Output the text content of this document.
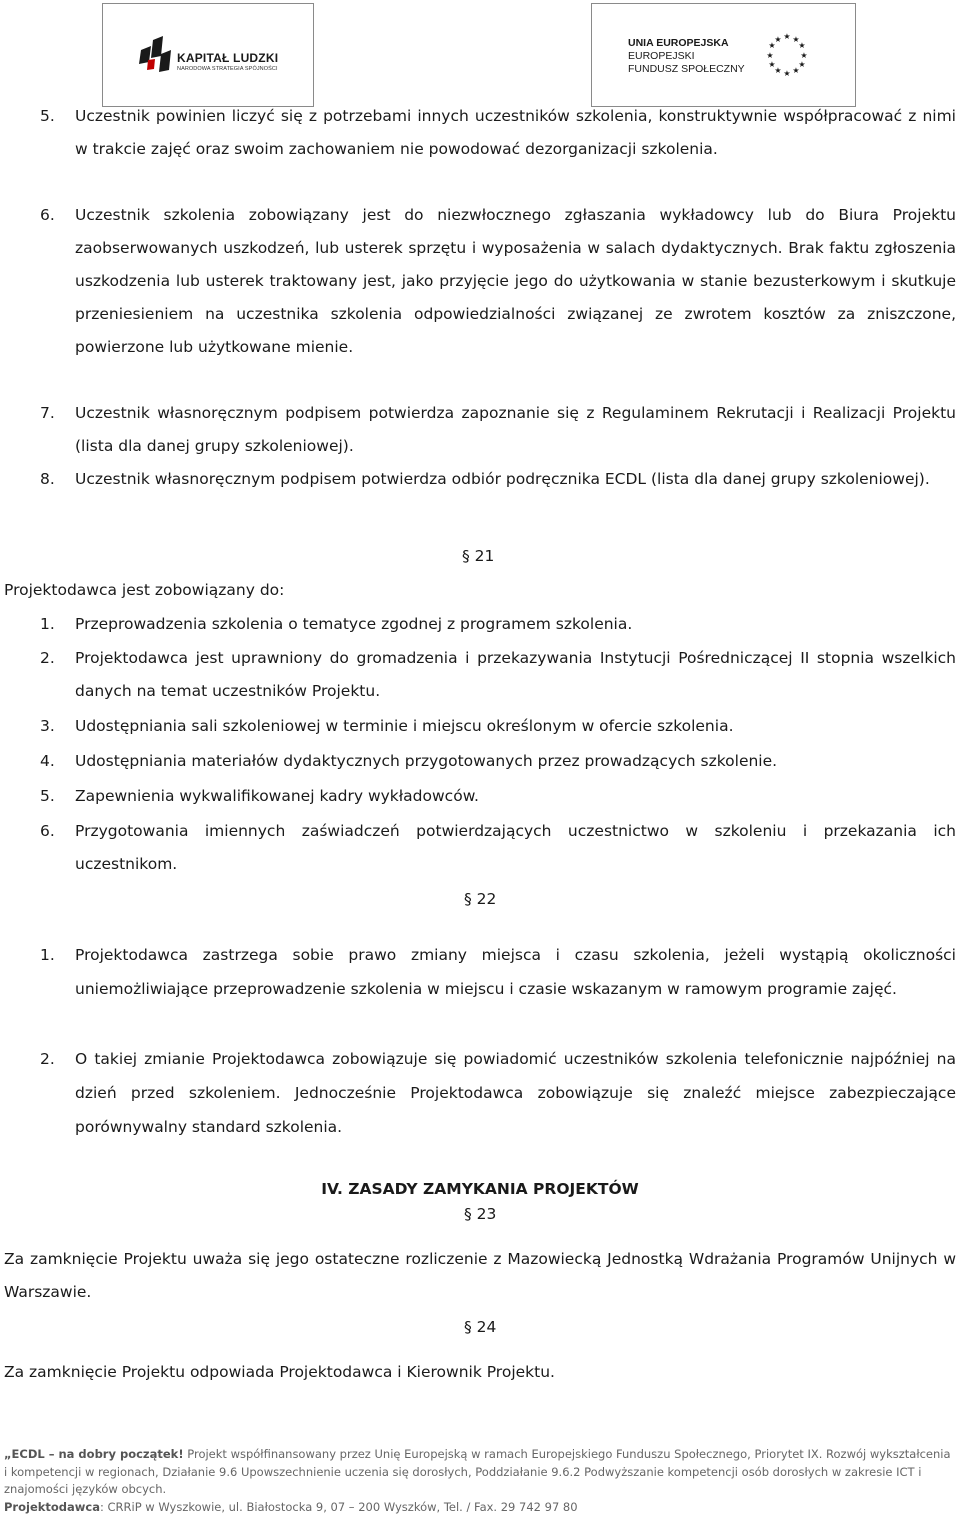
KAPITAŁ LUDZKI
NARODOWA STRATEGIA SPÓJNOŚCI
UNIA EUROPEJSKA
EUROPEJSKI
FUNDUSZ SPOŁECZNY
★ ★
★
★
★
★
★
★
★
★
★
★
5. Uczestnik powinien liczyć się z potrzebami innych uczestników szkolenia, konstruktywnie współpracować z nimi w trakcie zajęć oraz swoim zachowaniem nie powodować dezorganizacji szkolenia.
6. Uczestnik szkolenia zobowiązany jest do niezwłocznego zgłaszania wykładowcy lub do Biura Projektu zaobserwowanych uszkodzeń, lub usterek sprzętu i wyposażenia w salach dydaktycznych. Brak faktu zgłoszenia uszkodzenia lub usterek traktowany jest, jako przyjęcie jego do użytkowania w stanie bezusterkowym i skutkuje przeniesieniem na uczestnika szkolenia odpowiedzialności związanej ze zwrotem kosztów za zniszczone, powierzone lub użytkowane mienie.
7. Uczestnik własnoręcznym podpisem potwierdza zapoznanie się z Regulaminem Rekrutacji i Realizacji Projektu (lista dla danej grupy szkoleniowej).
8. Uczestnik własnoręcznym podpisem potwierdza odbiór podręcznika ECDL (lista dla danej grupy szkoleniowej).
§ 21
Projektodawca jest zobowiązany do:
1. Przeprowadzenia szkolenia o tematyce zgodnej z programem szkolenia.
2. Projektodawca jest uprawniony do gromadzenia i przekazywania Instytucji Pośredniczącej II stopnia wszelkich danych na temat uczestników Projektu.
3. Udostępniania sali szkoleniowej w terminie i miejscu określonym w ofercie szkolenia.
4. Udostępniania materiałów dydaktycznych przygotowanych przez prowadzących szkolenie.
5. Zapewnienia wykwalifikowanej kadry wykładowców.
6. Przygotowania imiennych zaświadczeń potwierdzających uczestnictwo w szkoleniu i przekazania ich uczestnikom.
§ 22
1. Projektodawca zastrzega sobie prawo zmiany miejsca i czasu szkolenia, jeżeli wystąpią okoliczności uniemożliwiające przeprowadzenie szkolenia w miejscu i czasie wskazanym w ramowym programie zajęć.
2. O takiej zmianie Projektodawca zobowiązuje się powiadomić uczestników szkolenia telefonicznie najpóźniej na dzień przed szkoleniem. Jednocześnie Projektodawca zobowiązuje się znaleźć miejsce zabezpieczające porównywalny standard szkolenia.
IV. ZASADY ZAMYKANIA PROJEKTÓW
§ 23
Za zamknięcie Projektu uważa się jego ostateczne rozliczenie z Mazowiecką Jednostką Wdrażania Programów Unijnych w Warszawie.
§ 24
Za zamknięcie Projektu odpowiada Projektodawca i Kierownik Projektu.
„ECDL – na dobry początek! Projekt współfinansowany przez Unię Europejską w ramach Europejskiego Funduszu Społecznego, Priorytet IX. Rozwój wykształcenia i kompetencji w regionach, Działanie 9.6 Upowszechnienie uczenia się dorosłych, Poddziałanie 9.6.2 Podwyższanie kompetencji osób dorosłych w zakresie ICT i znajomości języków obcych.
Projektodawca: CRRiP w Wyszkowie, ul. Białostocka 9, 07 – 200 Wyszków, Tel. / Fax. 29 742 97 80
